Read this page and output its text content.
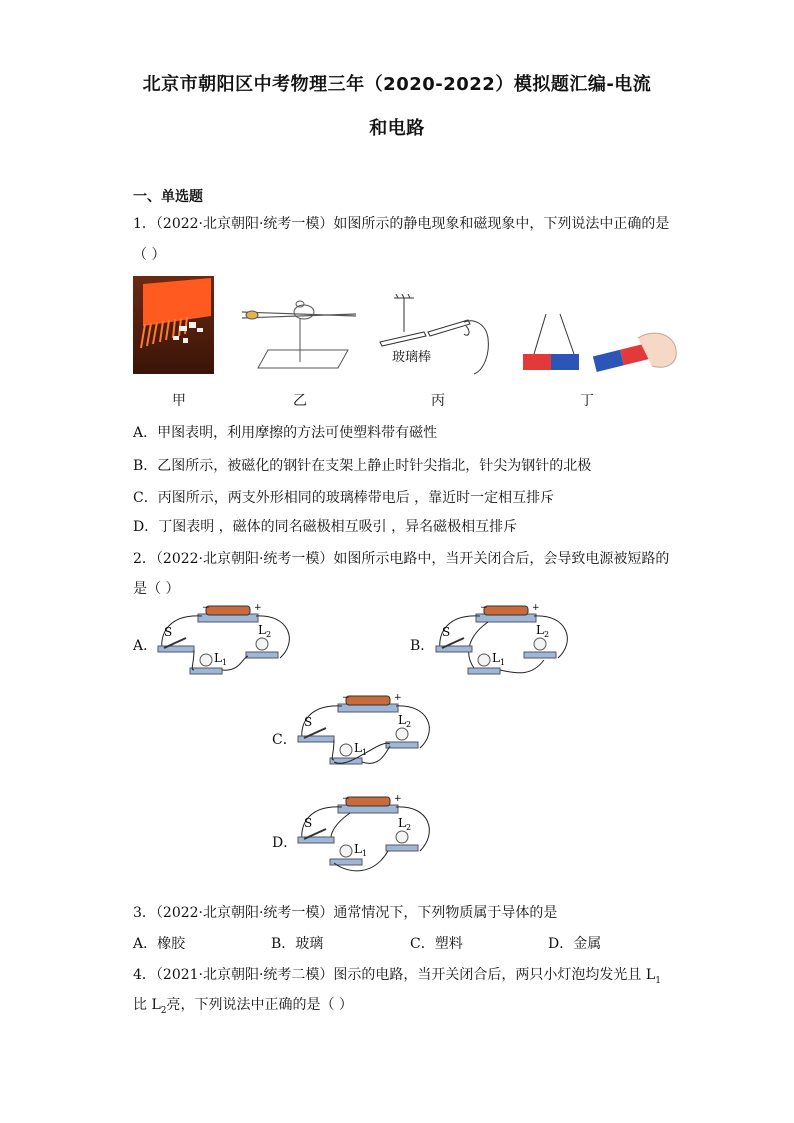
北京市朝阳区中考物理三年（2020-2022）模拟题汇编-电流
和电路
一、单选题
1．（2022·北京朝阳·统考一模）如图所示的静电现象和磁现象中，下列说法中正确的是
（ ）
玻璃棒
甲	乙	丙	丁
A．甲图表明，利用摩擦的方法可使塑料带有磁性
B．乙图所示，被磁化的钢针在支架上静止时针尖指北，针尖为钢针的北极
C．丙图所示，两支外形相同的玻璃棒带电后 ，靠近时一定相互排斥
D．丁图表明 ，磁体的同名磁极相互吸引 ，异名磁极相互排斥
2．（2022·北京朝阳·统考一模）如图所示电路中，当开关闭合后，会导致电源被短路的
是（ ）
A．
−	+
S
$L_1$
$L_2$
B．
−	+
S
$L_1$
$L_2$
C．
−	+
S
$L_1$
$L_2$
D．
−	+
S
$L_1$
$L_2$
3．（2022·北京朝阳·统考一模）通常情况下，下列物质属于导体的是
A．橡胶	B．玻璃	C．塑料	D．金属
4．（2021·北京朝阳·统考二模）图示的电路，当开关闭合后，两只小灯泡均发光且 $L_1$
比 $L_2$亮，下列说法中正确的是（ ）
